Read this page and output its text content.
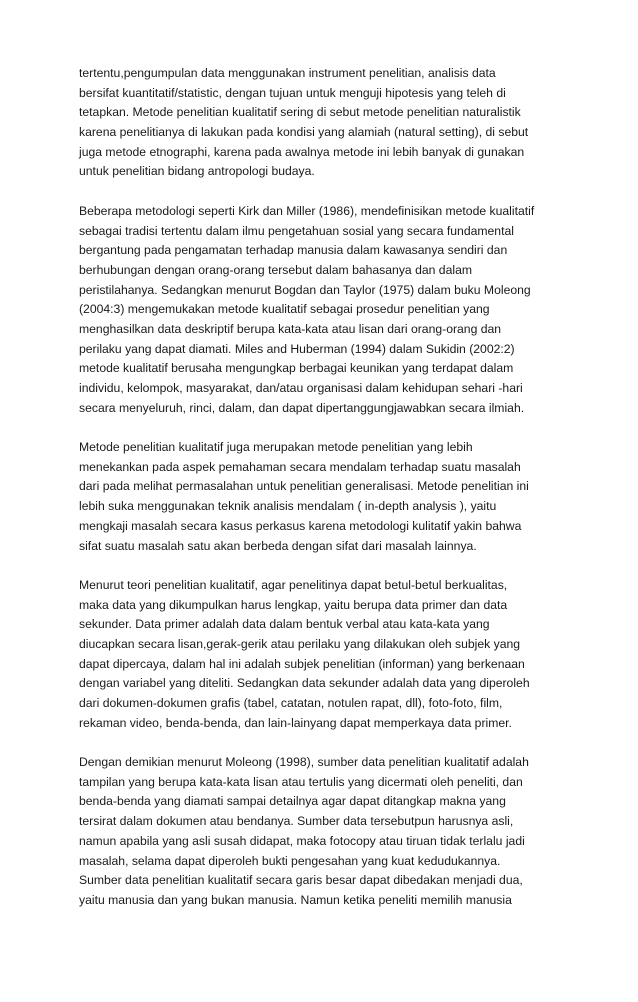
tertentu,pengumpulan data menggunakan instrument penelitian, analisis data
bersifat kuantitatif/statistic, dengan tujuan untuk menguji hipotesis yang teleh di
tetapkan. Metode penelitian kualitatif sering di sebut metode penelitian naturalistik
karena penelitianya di lakukan pada kondisi yang alamiah (natural setting), di sebut
juga metode etnographi, karena pada awalnya metode ini lebih banyak di gunakan
untuk penelitian bidang antropologi budaya.
Beberapa metodologi seperti Kirk dan Miller (1986), mendefinisikan metode kualitatif
sebagai tradisi tertentu dalam ilmu pengetahuan sosial yang secara fundamental
bergantung pada pengamatan terhadap manusia dalam kawasanya sendiri dan
berhubungan dengan orang-orang tersebut dalam bahasanya dan dalam
peristilahanya. Sedangkan menurut Bogdan dan Taylor (1975) dalam buku Moleong
(2004:3) mengemukakan metode kualitatif sebagai prosedur penelitian yang
menghasilkan data deskriptif berupa kata-kata atau lisan dari orang-orang dan
perilaku yang dapat diamati. Miles and Huberman (1994) dalam Sukidin (2002:2)
metode kualitatif berusaha mengungkap berbagai keunikan yang terdapat dalam
individu, kelompok, masyarakat, dan/atau organisasi dalam kehidupan sehari -hari
secara menyeluruh, rinci, dalam, dan dapat dipertanggungjawabkan secara ilmiah.
Metode penelitian kualitatif juga merupakan metode penelitian yang lebih
menekankan pada aspek pemahaman secara mendalam terhadap suatu masalah
dari pada melihat permasalahan untuk penelitian generalisasi. Metode penelitian ini
lebih suka menggunakan teknik analisis mendalam ( in-depth analysis ), yaitu
mengkaji masalah secara kasus perkasus karena metodologi kulitatif yakin bahwa
sifat suatu masalah satu akan berbeda dengan sifat dari masalah lainnya.
Menurut teori penelitian kualitatif, agar penelitinya dapat betul-betul berkualitas,
maka data yang dikumpulkan harus lengkap, yaitu berupa data primer dan data
sekunder. Data primer adalah data dalam bentuk verbal atau kata-kata yang
diucapkan secara lisan,gerak-gerik atau perilaku yang dilakukan oleh subjek yang
dapat dipercaya, dalam hal ini adalah subjek penelitian (informan) yang berkenaan
dengan variabel yang diteliti. Sedangkan data sekunder adalah data yang diperoleh
dari dokumen-dokumen grafis (tabel, catatan, notulen rapat, dll), foto-foto, film,
rekaman video, benda-benda, dan lain-lainyang dapat memperkaya data primer.
Dengan demikian menurut Moleong (1998), sumber data penelitian kualitatif adalah
tampilan yang berupa kata-kata lisan atau tertulis yang dicermati oleh peneliti, dan
benda-benda yang diamati sampai detailnya agar dapat ditangkap makna yang
tersirat dalam dokumen atau bendanya. Sumber data tersebutpun harusnya asli,
namun apabila yang asli susah didapat, maka fotocopy atau tiruan tidak terlalu jadi
masalah, selama dapat diperoleh bukti pengesahan yang kuat kedudukannya.
Sumber data penelitian kualitatif secara garis besar dapat dibedakan menjadi dua,
yaitu manusia dan yang bukan manusia. Namun ketika peneliti memilih manusia
